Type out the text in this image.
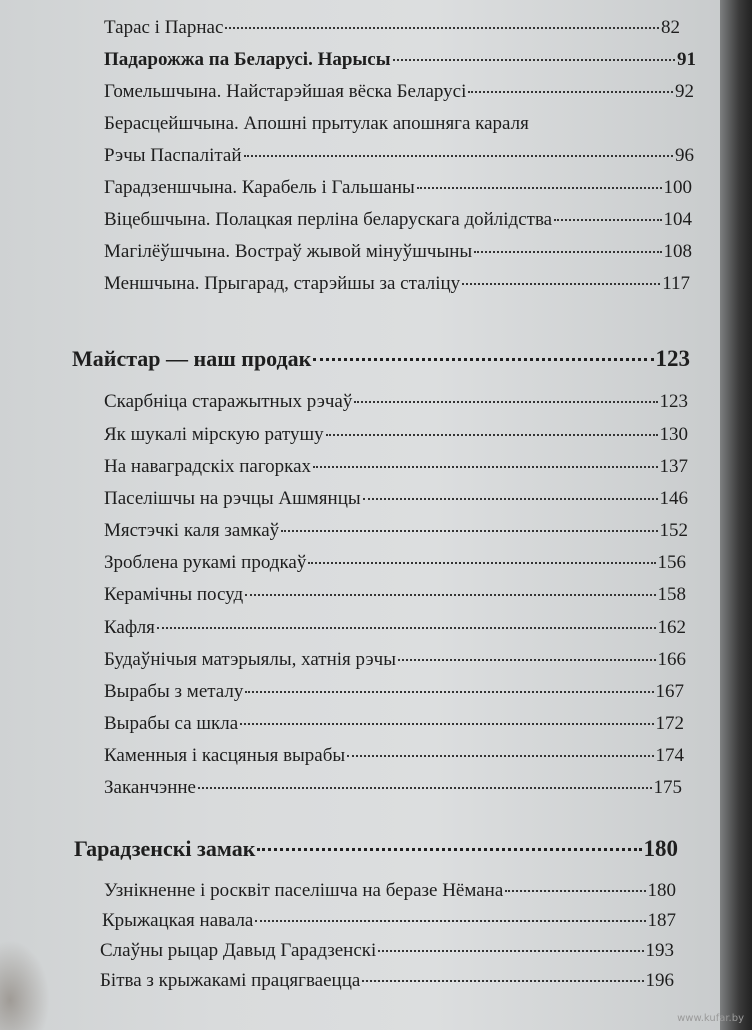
Тарас і Парнас	82
Падарожжа па Беларусі. Нарысы	91
Гомельшчына. Найстарэйшая вёска Беларусі	92
Берасцейшчына. Апошні прытулак апошняга караля
Рэчы Паспалітай	96
Гарадзеншчына. Карабель і Гальшаны	100
Віцебшчына. Полацкая перліна беларускага дойлідства	104
Магілёўшчына. Востраў жывой мінуўшчыны	108
Меншчына. Прыгарад, старэйшы за сталіцу	117
Майстар — наш продак	123
Скарбніца старажытных рэчаў	123
Як шукалі мірскую ратушу	130
На наваградскіх пагорках	137
Паселішчы на рэчцы Ашмянцы	146
Мястэчкі каля замкаў	152
Зроблена рукамі продкаў	156
Керамічны посуд	158
Кафля	162
Будаўнічыя матэрыялы, хатнія рэчы	166
Вырабы з металу	167
Вырабы са шкла	172
Каменныя і касцяныя вырабы	174
Заканчэнне	175
Гарадзенскі замак	180
Узнікненне і росквіт паселішча на беразе Нёмана	180
Крыжацкая навала	187
Слаўны рыцар Давыд Гарадзенскі	193
Бітва з крыжакамі працягваецца	196
www.kufar.by
